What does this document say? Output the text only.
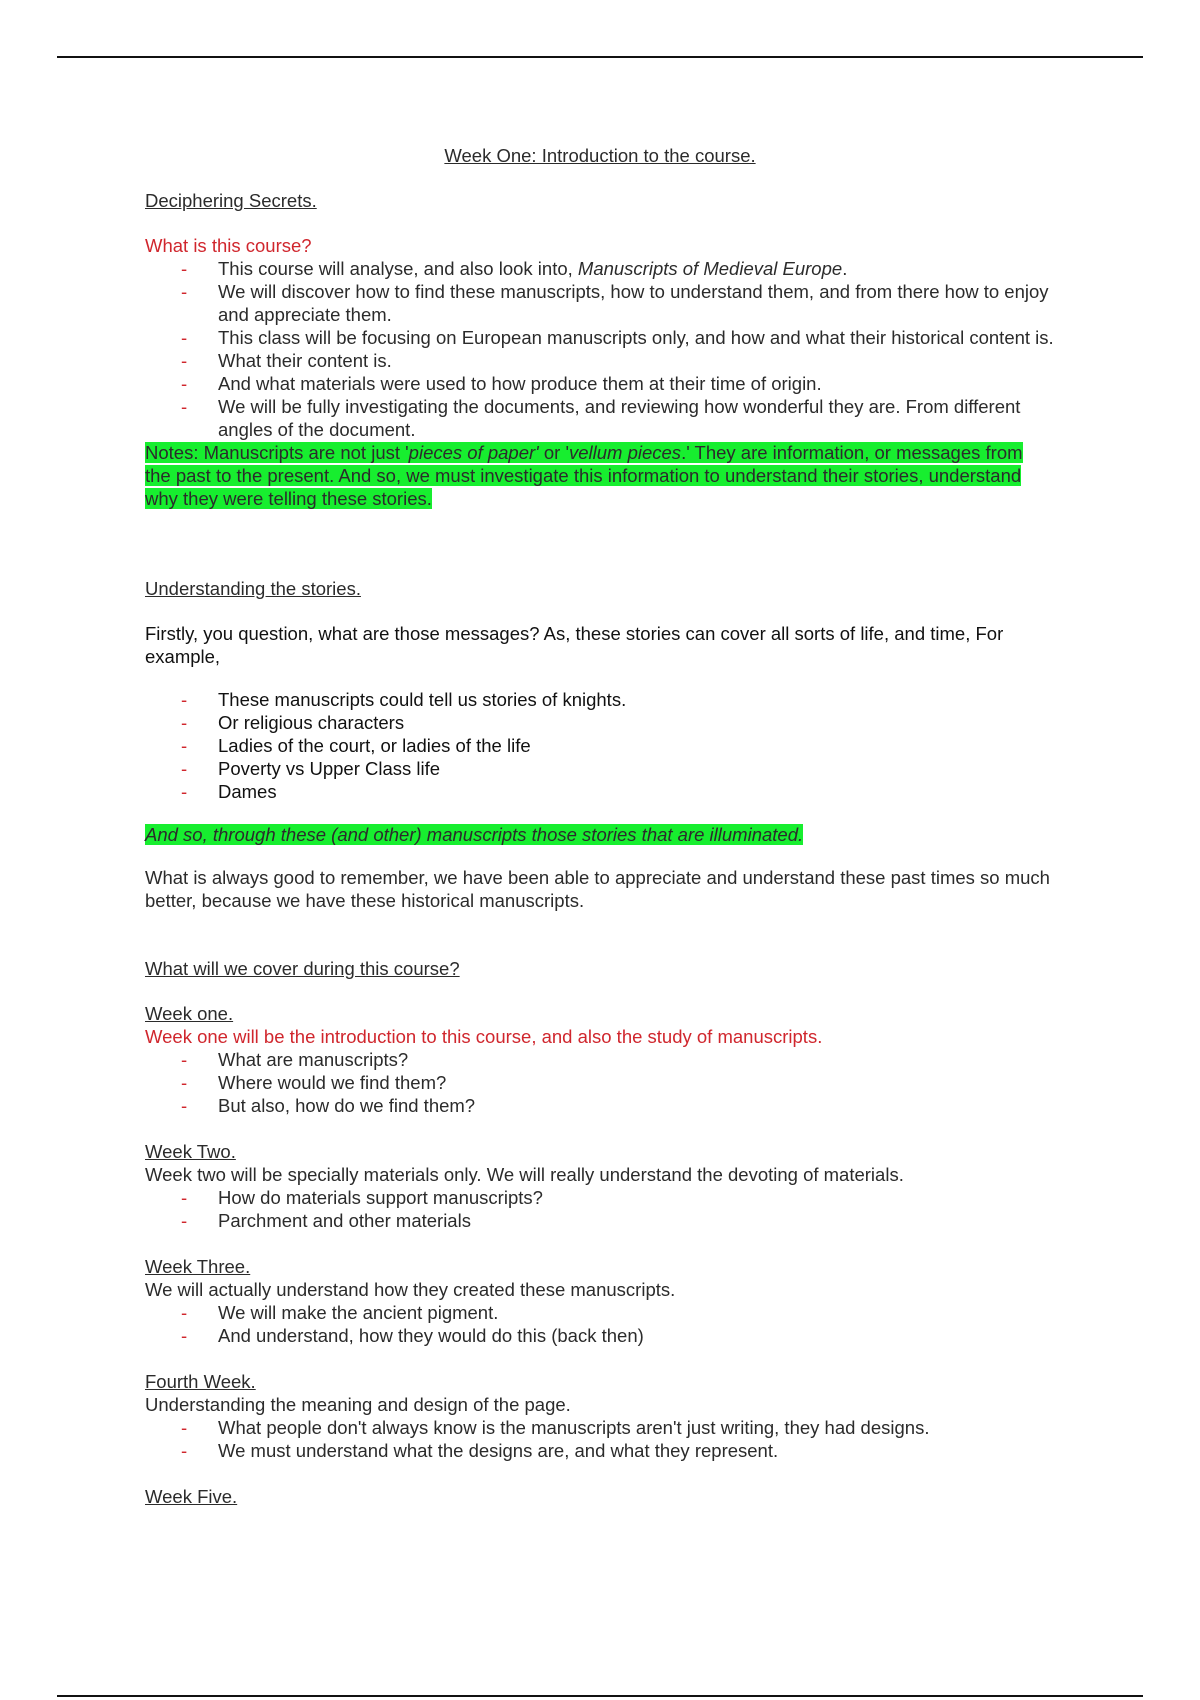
Week One: Introduction to the course.

Deciphering Secrets.

What is this course?

- This course will analyse, and also look into, Manuscripts of Medieval Europe.
- We will discover how to find these manuscripts, how to understand them, and from there how to enjoy and appreciate them.
- This class will be focusing on European manuscripts only, and how and what their historical content is.
- What their content is.
- And what materials were used to how produce them at their time of origin.
- We will be fully investigating the documents, and reviewing how wonderful they are. From different angles of the document.

Notes: Manuscripts are not just 'pieces of paper' or 'vellum pieces.' They are information, or messages from the past to the present. And so, we must investigate this information to understand their stories, understand why they were telling these stories.

Understanding the stories.

Firstly, you question, what are those messages? As, these stories can cover all sorts of life, and time, For example,

- These manuscripts could tell us stories of knights.
- Or religious characters
- Ladies of the court, or ladies of the life
- Poverty vs Upper Class life
- Dames

And so, through these (and other) manuscripts those stories that are illuminated.

What is always good to remember, we have been able to appreciate and understand these past times so much better, because we have these historical manuscripts.

What will we cover during this course?

Week one.

Week one will be the introduction to this course, and also the study of manuscripts.

- What are manuscripts?
- Where would we find them?
- But also, how do we find them?

Week Two.

Week two will be specially materials only. We will really understand the devoting of materials.

- How do materials support manuscripts?
- Parchment and other materials

Week Three.

We will actually understand how they created these manuscripts.

- We will make the ancient pigment.
- And understand, how they would do this (back then)

Fourth Week.

Understanding the meaning and design of the page.

- What people don't always know is the manuscripts aren't just writing, they had designs.
- We must understand what the designs are, and what they represent.

Week Five.
